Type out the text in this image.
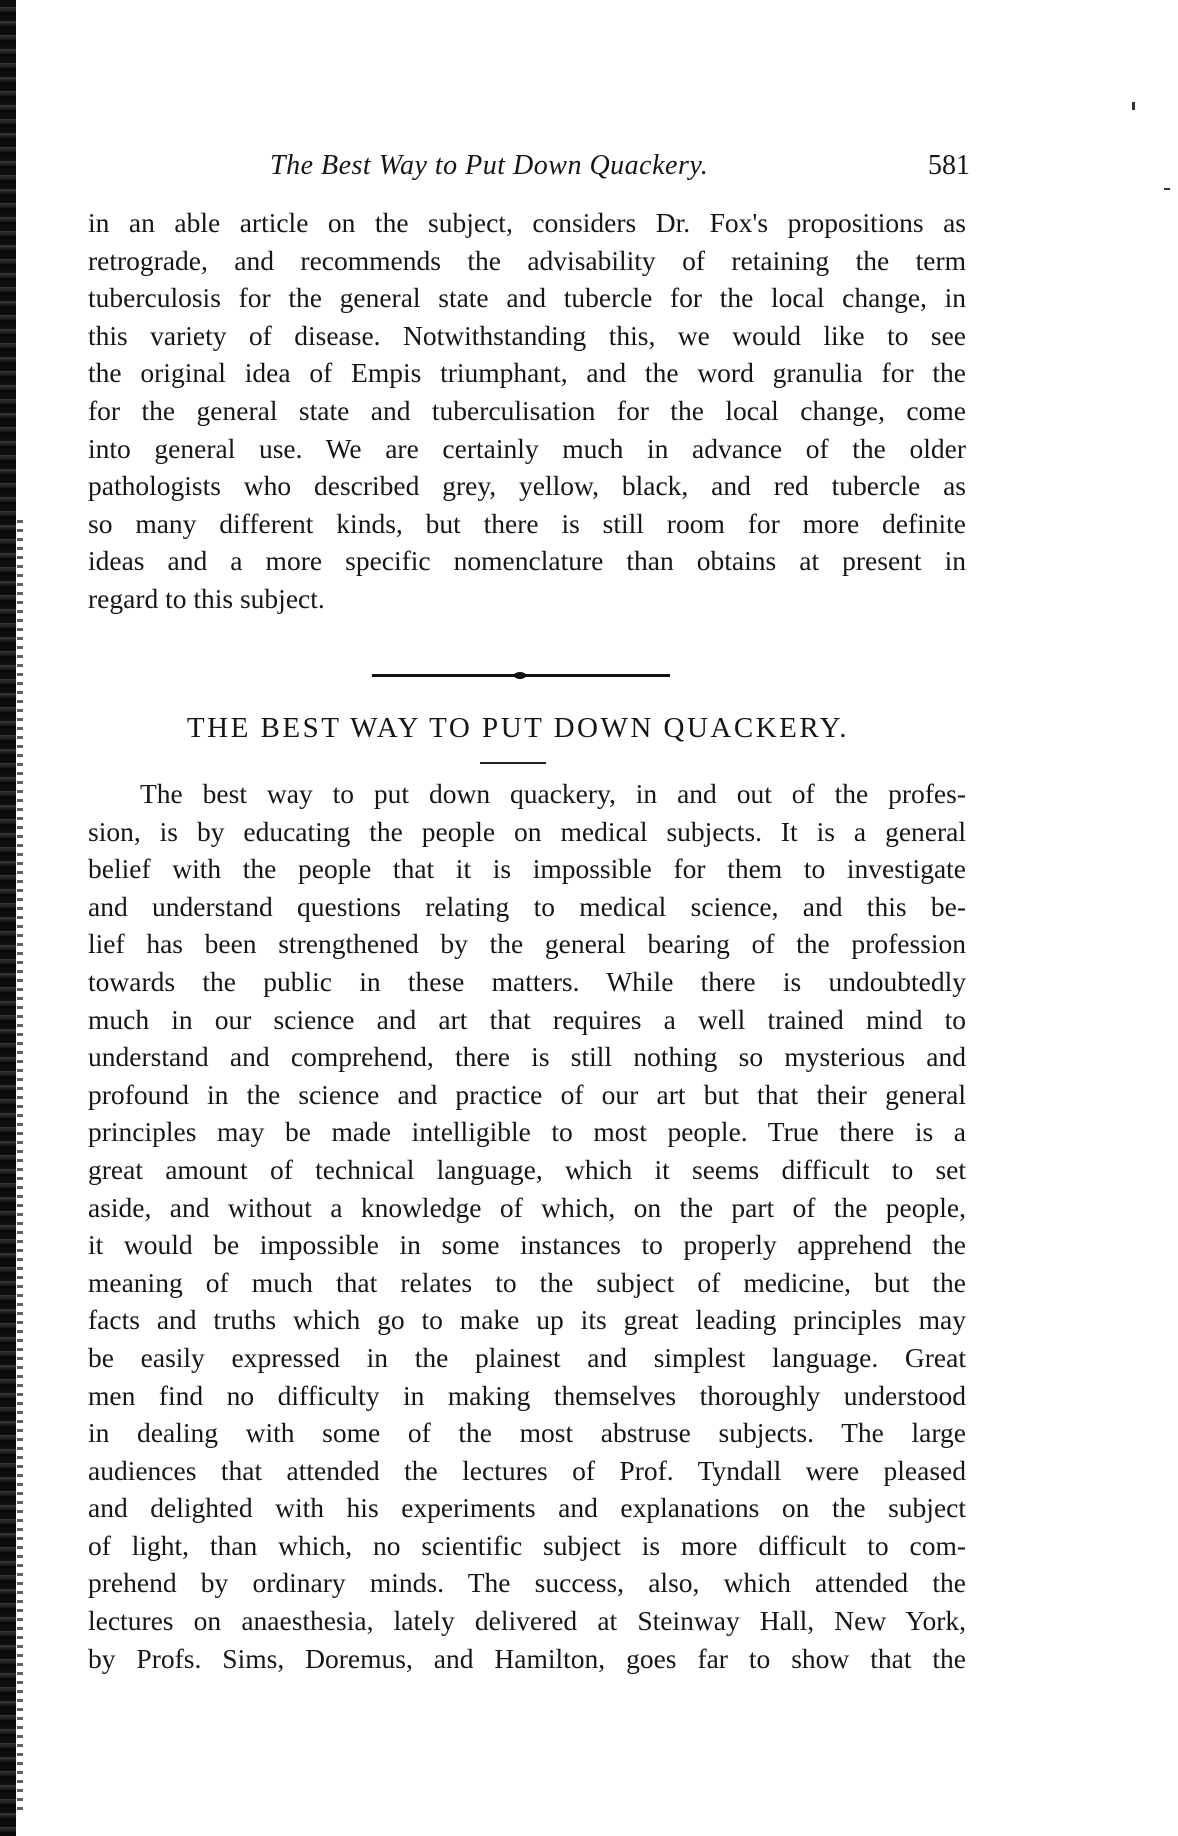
The Best Way to Put Down Quackery.	581
in an able article on the subject, considers Dr. Fox's propositions as
retrograde, and recommends the advisability of retaining the term
tuberculosis for the general state and tubercle for the local change, in
this variety of disease. Notwithstanding this, we would like to see
the original idea of Empis triumphant, and the word granulia for the
for the general state and tuberculisation for the local change, come
into general use. We are certainly much in advance of the older
pathologists who described grey, yellow, black, and red tubercle as
so many different kinds, but there is still room for more definite
ideas and a more specific nomenclature than obtains at present in
regard to this subject.
THE BEST WAY TO PUT DOWN QUACKERY.
The best way to put down quackery, in and out of the profes-
sion, is by educating the people on medical subjects. It is a general
belief with the people that it is impossible for them to investigate
and understand questions relating to medical science, and this be-
lief has been strengthened by the general bearing of the profession
towards the public in these matters. While there is undoubtedly
much in our science and art that requires a well trained mind to
understand and comprehend, there is still nothing so mysterious and
profound in the science and practice of our art but that their general
principles may be made intelligible to most people. True there is a
great amount of technical language, which it seems difficult to set
aside, and without a knowledge of which, on the part of the people,
it would be impossible in some instances to properly apprehend the
meaning of much that relates to the subject of medicine, but the
facts and truths which go to make up its great leading principles may
be easily expressed in the plainest and simplest language. Great
men find no difficulty in making themselves thoroughly understood
in dealing with some of the most abstruse subjects. The large
audiences that attended the lectures of Prof. Tyndall were pleased
and delighted with his experiments and explanations on the subject
of light, than which, no scientific subject is more difficult to com-
prehend by ordinary minds. The success, also, which attended the
lectures on anaesthesia, lately delivered at Steinway Hall, New York,
by Profs. Sims, Doremus, and Hamilton, goes far to show that the
